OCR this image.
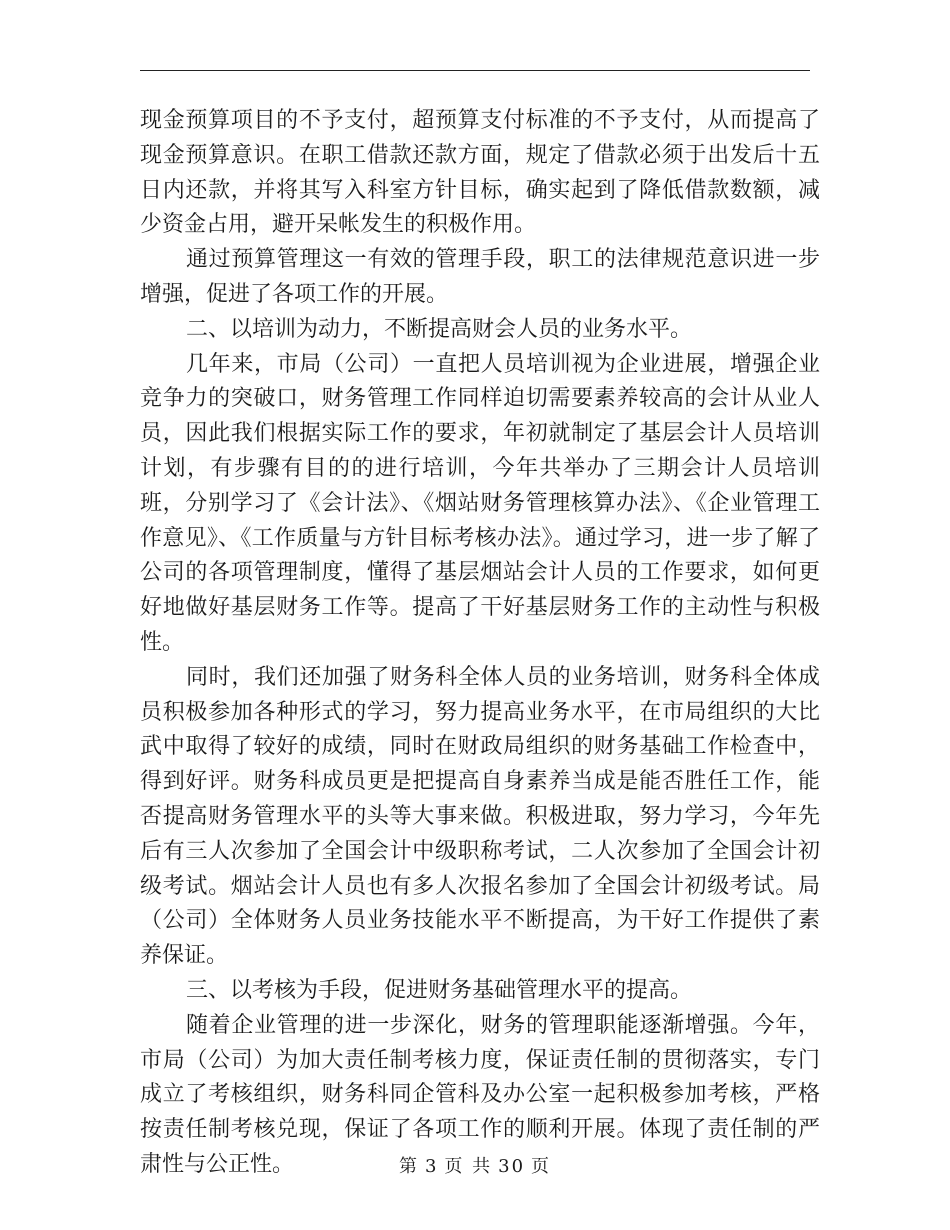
现金预算项目的不予支付，超预算支付标准的不予支付，从而提高了现金预算意识。在职工借款还款方面，规定了借款必须于出发后十五日内还款，并将其写入科室方针目标，确实起到了降低借款数额，减少资金占用，避开呆帐发生的积极作用。

通过预算管理这一有效的管理手段，职工的法律规范意识进一步增强，促进了各项工作的开展。

二、以培训为动力，不断提高财会人员的业务水平。

几年来，市局（公司）一直把人员培训视为企业进展，增强企业竞争力的突破口，财务管理工作同样迫切需要素养较高的会计从业人员，因此我们根据实际工作的要求，年初就制定了基层会计人员培训计划，有步骤有目的的进行培训，今年共举办了三期会计人员培训班，分别学习了《会计法》、《烟站财务管理核算办法》、《企业管理工作意见》、《工作质量与方针目标考核办法》。通过学习，进一步了解了公司的各项管理制度，懂得了基层烟站会计人员的工作要求，如何更好地做好基层财务工作等。提高了干好基层财务工作的主动性与积极性。

同时，我们还加强了财务科全体人员的业务培训，财务科全体成员积极参加各种形式的学习，努力提高业务水平，在市局组织的大比武中取得了较好的成绩，同时在财政局组织的财务基础工作检查中，得到好评。财务科成员更是把提高自身素养当成是能否胜任工作，能否提高财务管理水平的头等大事来做。积极进取，努力学习，今年先后有三人次参加了全国会计中级职称考试，二人次参加了全国会计初级考试。烟站会计人员也有多人次报名参加了全国会计初级考试。局（公司）全体财务人员业务技能水平不断提高，为干好工作提供了素养保证。

三、以考核为手段，促进财务基础管理水平的提高。

随着企业管理的进一步深化，财务的管理职能逐渐增强。今年，市局（公司）为加大责任制考核力度，保证责任制的贯彻落实，专门成立了考核组织，财务科同企管科及办公室一起积极参加考核，严格按责任制考核兑现，保证了各项工作的顺利开展。体现了责任制的严肃性与公正性。	第 3 页 共 30 页
